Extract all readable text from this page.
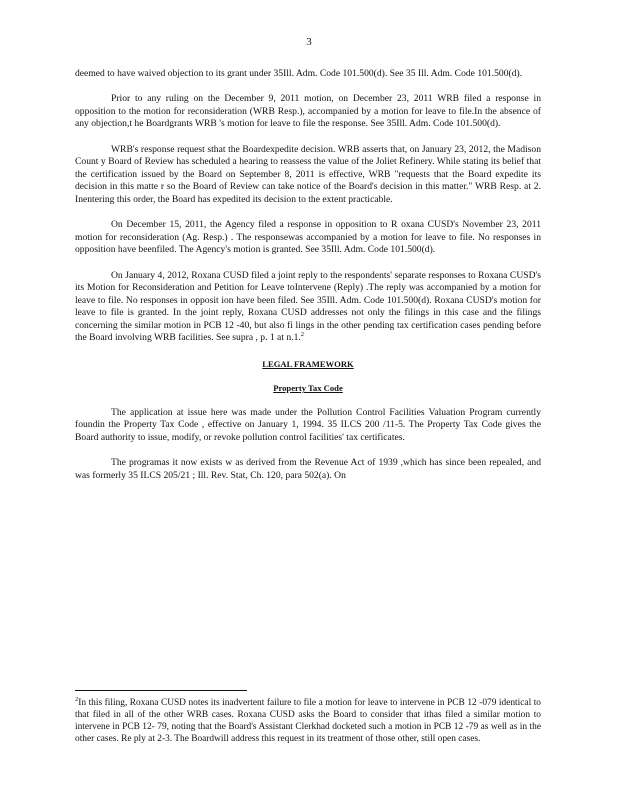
3

deemed to have waived objection to its grant under 35Ill. Adm. Code 101.500(d). See 35 Ill. Adm. Code 101.500(d).

Prior to any ruling on the December 9, 2011 motion, on December 23, 2011 WRB filed a response in opposition to the motion for reconsideration (WRB Resp.), accompanied by a motion for leave to file.In the absence of any objection,t he Boardgrants WRB 's motion for leave to file the response. See 35Ill. Adm. Code 101.500(d).

WRB's response request sthat the Boardexpedite decision. WRB asserts that, on January 23, 2012, the Madison Count y Board of Review has scheduled a hearing to reassess the value of the Joliet Refinery. While stating its belief that the certification issued by the Board on September 8, 2011 is effective, WRB "requests that the Board expedite its decision in this matte r so the Board of Review can take notice of the Board's decision in this matter." WRB Resp. at 2. Inentering this order, the Board has expedited its decision to the extent practicable.

On December 15, 2011, the Agency filed a response in opposition to R oxana CUSD's November 23, 2011 motion for reconsideration (Ag. Resp.) . The responsewas accompanied by a motion for leave to file. No responses in opposition have beenfiled. The Agency's motion is granted. See 35Ill. Adm. Code 101.500(d).

On January 4, 2012, Roxana CUSD filed a joint reply to the respondents' separate responses to Roxana CUSD's its Motion for Reconsideration and Petition for Leave toIntervene (Reply) .The reply was accompanied by a motion for leave to file. No responses in opposit ion have been filed. See 35Ill. Adm. Code 101.500(d). Roxana CUSD's motion for leave to file is granted. In the joint reply, Roxana CUSD addresses not only the filings in this case and the filings concerning the similar motion in PCB 12 -40, but also fi lings in the other pending tax certification cases pending before the Board involving WRB facilities. See supra , p. 1 at n.1.$^2$

LEGAL FRAMEWORK
Property Tax Code

The application at issue here was made under the Pollution Control Facilities Valuation Program currently foundin the Property Tax Code , effective on January 1, 1994. 35 ILCS 200 /11-5. The Property Tax Code gives the Board authority to issue, modify, or revoke pollution control facilities' tax certificates.

The programas it now exists w as derived from the Revenue Act of 1939 ,which has since been repealed, and was formerly 35 ILCS 205/21 ; Ill. Rev. Stat, Ch. 120, para 502(a). On

$^2$In this filing, Roxana CUSD notes its inadvertent failure to file a motion for leave to intervene in PCB 12 -079 identical to that filed in all of the other WRB cases. Roxana CUSD asks the Board to consider that ithas filed a similar motion to intervene in PCB 12- 79, noting that the Board's Assistant Clerkhad docketed such a motion in PCB 12 -79 as well as in the other cases. Re ply at 2-3. The Boardwill address this request in its treatment of those other, still open cases.
